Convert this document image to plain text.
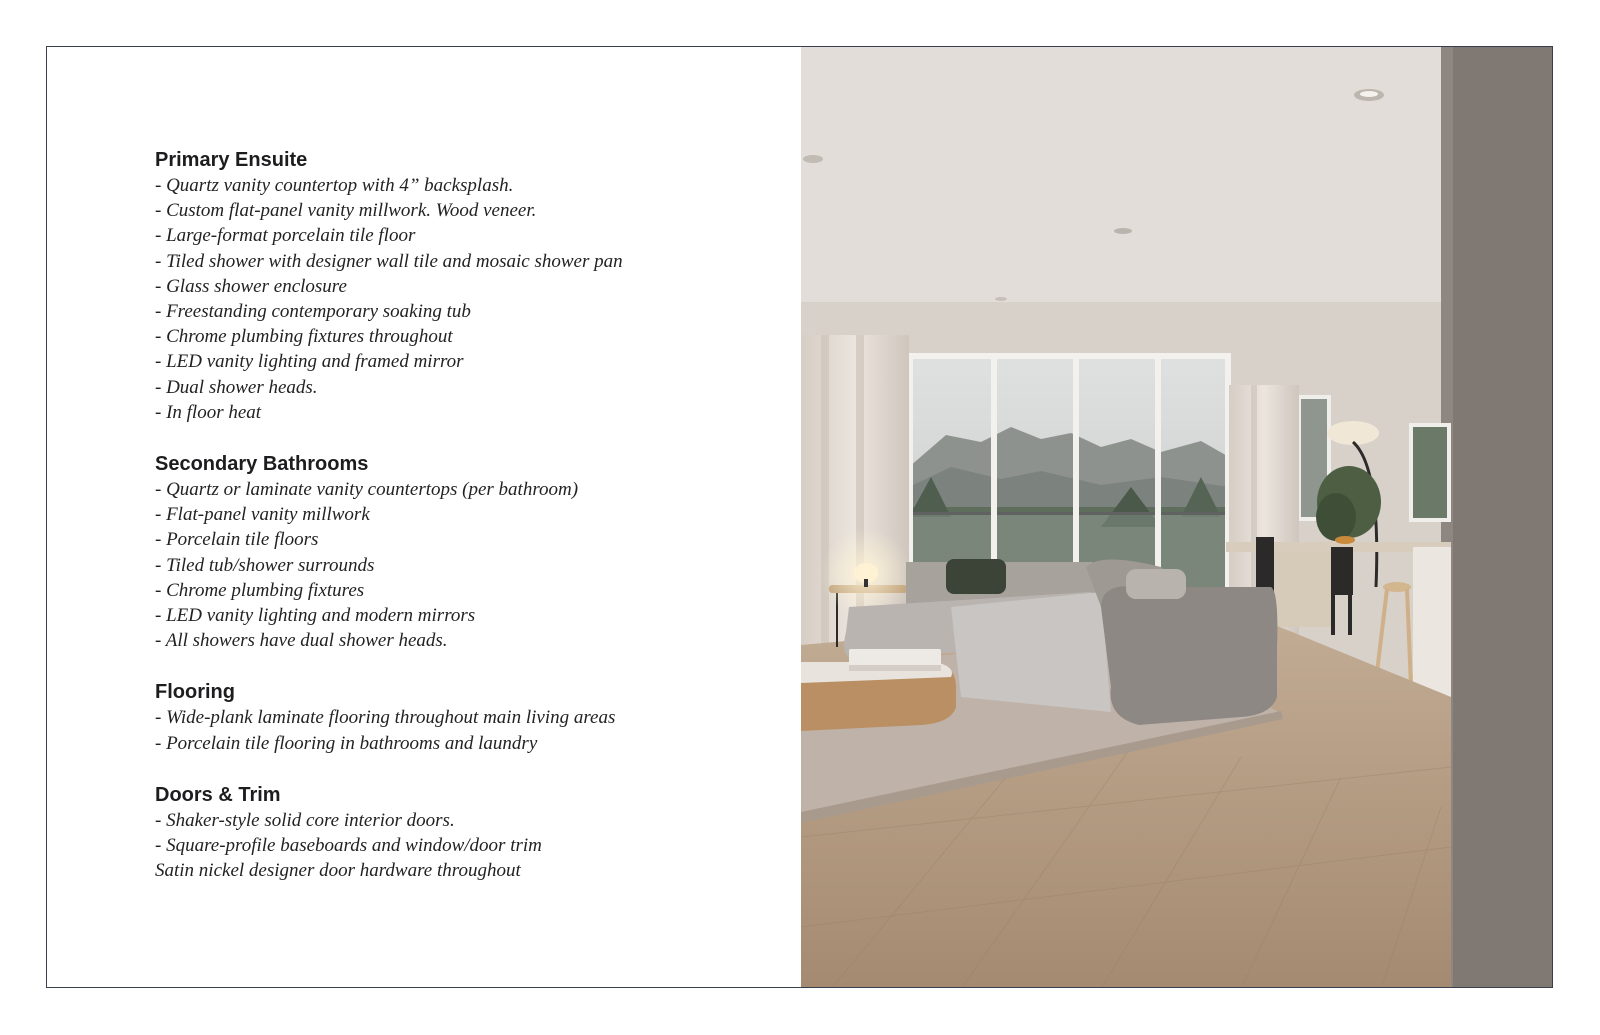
Primary Ensuite
- Quartz vanity countertop with 4” backsplash.
- Custom flat-panel vanity millwork. Wood veneer.
- Large-format porcelain tile floor
- Tiled shower with designer wall tile and mosaic shower pan
- Glass shower enclosure
- Freestanding contemporary soaking tub
- Chrome plumbing fixtures throughout
- LED vanity lighting and framed mirror
- Dual shower heads.
- In floor heat
Secondary Bathrooms
- Quartz or laminate vanity countertops (per bathroom)
- Flat-panel vanity millwork
- Porcelain tile floors
- Tiled tub/shower surrounds
- Chrome plumbing fixtures
- LED vanity lighting and modern mirrors
- All showers have dual shower heads.
Flooring
- Wide-plank laminate flooring throughout main living areas
- Porcelain tile flooring in bathrooms and laundry
Doors & Trim
- Shaker-style solid core interior doors.
- Square-profile baseboards and window/door trim
Satin nickel designer door hardware throughout
